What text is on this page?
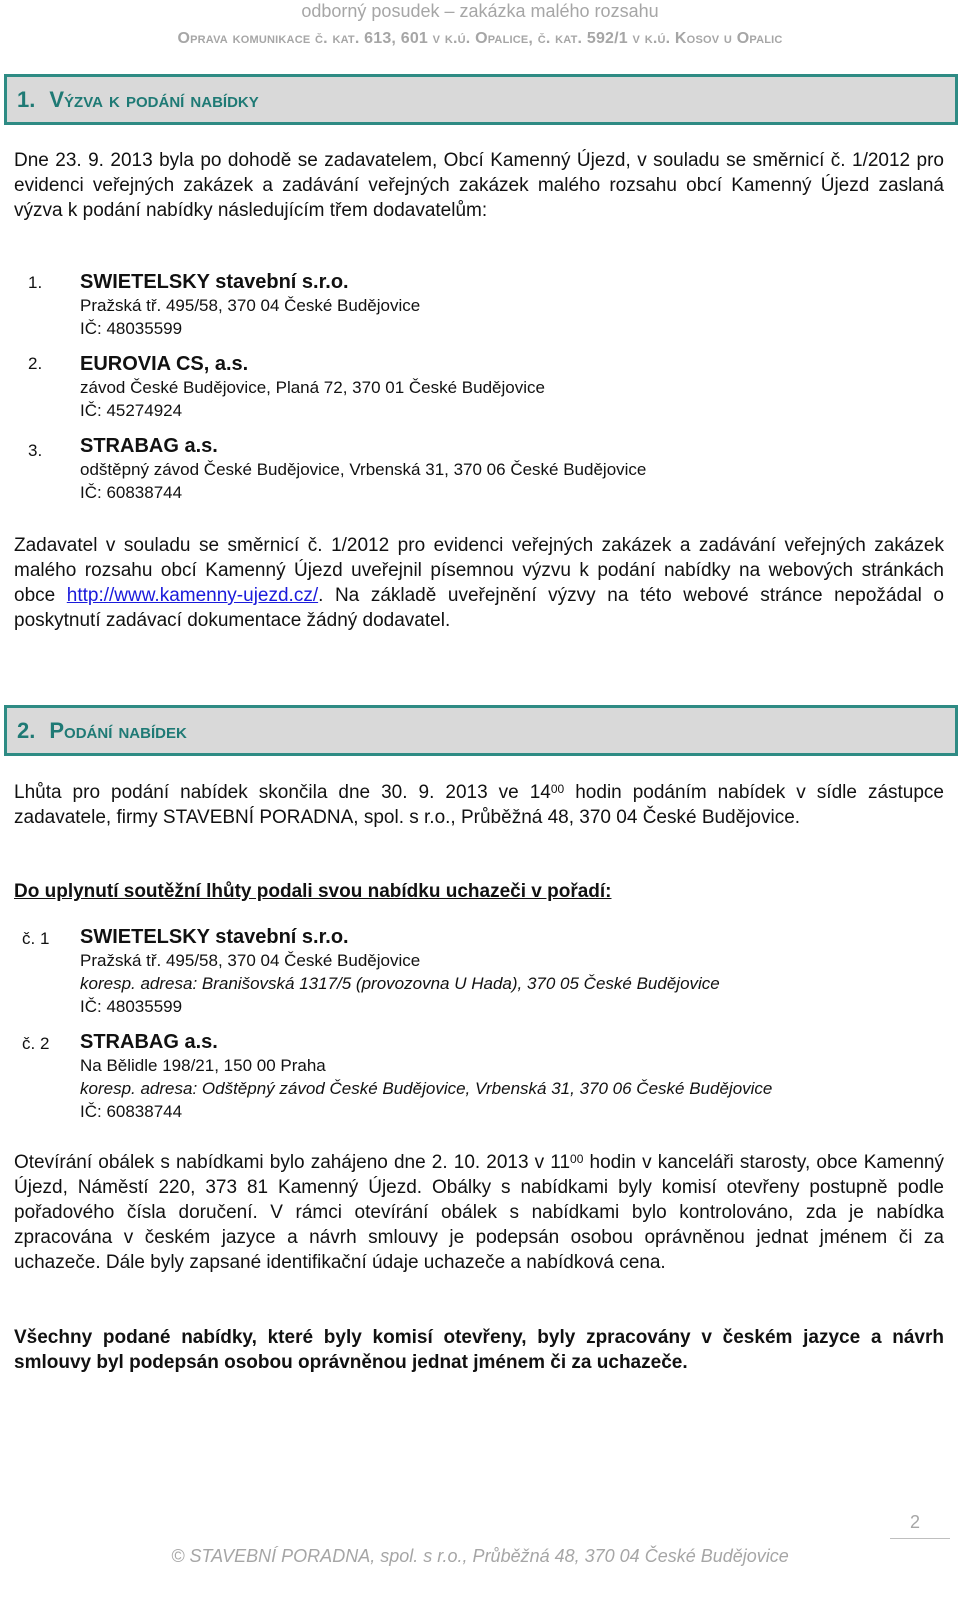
odborný posudek – zakázka malého rozsahu
Oprava komunikace č. kat. 613, 601 v k.ú. Opalice, č. kat. 592/1 v k.ú. Kosov u Opalic
1. Výzva k podání nabídky
Dne 23. 9. 2013 byla po dohodě se zadavatelem, Obcí Kamenný Újezd, v souladu se směrnicí č. 1/2012 pro evidenci veřejných zakázek a zadávání veřejných zakázek malého rozsahu obcí Kamenný Újezd zaslaná výzva k podání nabídky následujícím třem dodavatelům:
1. SWIETELSKY stavební s.r.o.
Pražská tř. 495/58, 370 04 České Budějovice
IČ: 48035599
2. EUROVIA CS, a.s.
závod České Budějovice, Planá 72, 370 01 České Budějovice
IČ: 45274924
3. STRABAG a.s.
odštěpný závod České Budějovice, Vrbenská 31, 370 06 České Budějovice
IČ: 60838744
Zadavatel v souladu se směrnicí č. 1/2012 pro evidenci veřejných zakázek a zadávání veřejných zakázek malého rozsahu obcí Kamenný Újezd uveřejnil písemnou výzvu k podání nabídky na webových stránkách obce http://www.kamenny-ujezd.cz/. Na základě uveřejnění výzvy na této webové stránce nepožádal o poskytnutí zadávací dokumentace žádný dodavatel.
2. Podání nabídek
Lhůta pro podání nabídek skončila dne 30. 9. 2013 ve $14^{00}$ hodin podáním nabídek v sídle zástupce zadavatele, firmy STAVEBNÍ PORADNA, spol. s r.o., Průběžná 48, 370 04 České Budějovice.
Do uplynutí soutěžní lhůty podali svou nabídku uchazeči v pořadí:
č. 1 SWIETELSKY stavební s.r.o.
Pražská tř. 495/58, 370 04 České Budějovice
koresp. adresa: Branišovská 1317/5 (provozovna U Hada), 370 05 České Budějovice
IČ: 48035599
č. 2 STRABAG a.s.
Na Bělidle 198/21, 150 00 Praha
koresp. adresa: Odštěpný závod České Budějovice, Vrbenská 31, 370 06 České Budějovice
IČ: 60838744
Otevírání obálek s nabídkami bylo zahájeno dne 2. 10. 2013 v $11^{00}$ hodin v kanceláři starosty, obce Kamenný Újezd, Náměstí 220, 373 81 Kamenný Újezd. Obálky s nabídkami byly komisí otevřeny postupně podle pořadového čísla doručení. V rámci otevírání obálek s nabídkami bylo kontrolováno, zda je nabídka zpracována v českém jazyce a návrh smlouvy je podepsán osobou oprávněnou jednat jménem či za uchazeče. Dále byly zapsané identifikační údaje uchazeče a nabídková cena.
Všechny podané nabídky, které byly komisí otevřeny, byly zpracovány v českém jazyce a návrh smlouvy byl podepsán osobou oprávněnou jednat jménem či za uchazeče.
2
© STAVEBNÍ PORADNA, spol. s r.o., Průběžná 48, 370 04 České Budějovice
